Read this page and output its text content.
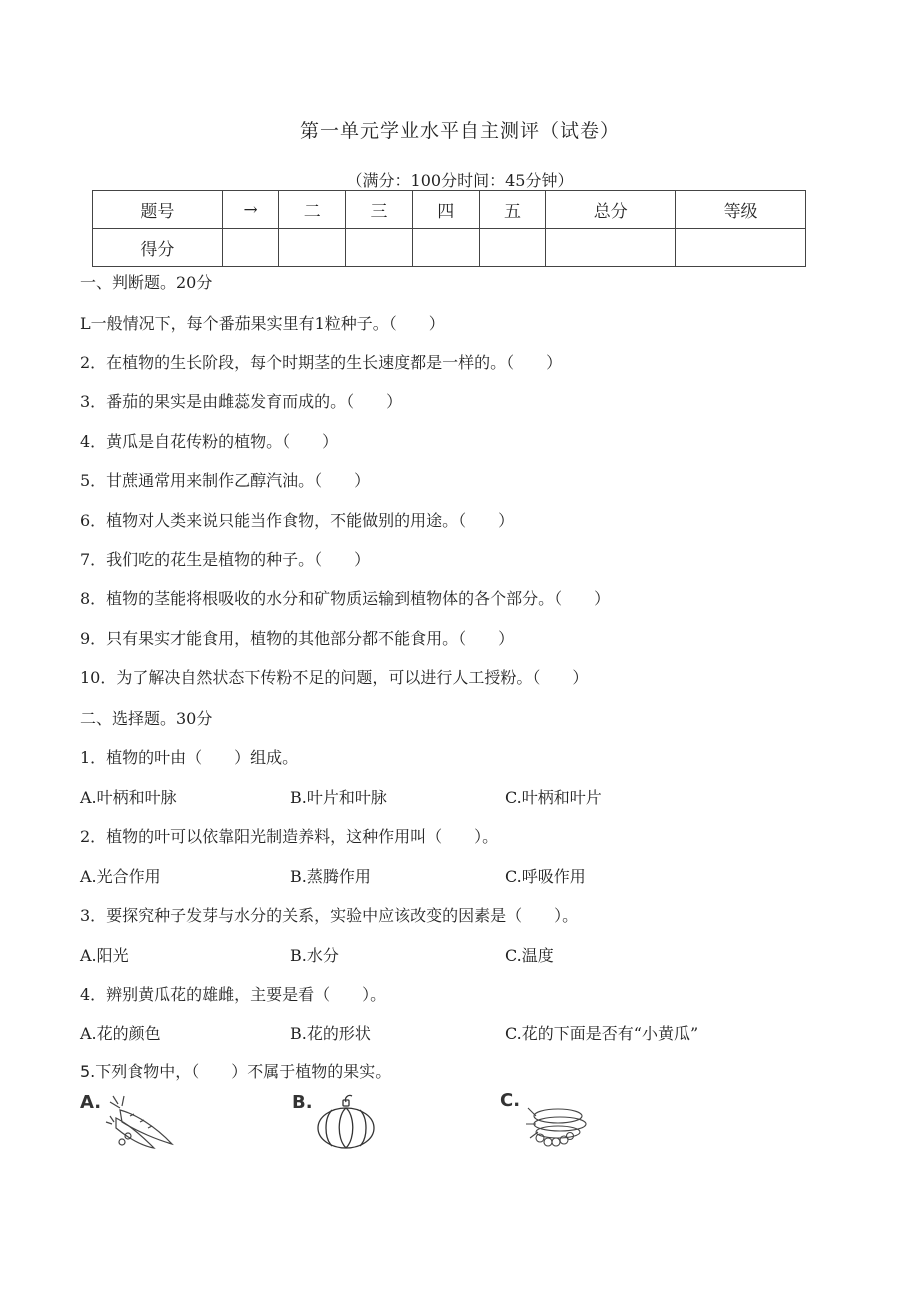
第一单元学业水平自主测评（试卷）
（满分：100分时间：45分钟）
题号	→	二	三	四	五	总分	等级
得分							
一、判断题。20分
L一般情况下，每个番茄果实里有1粒种子。（　　）
2．在植物的生长阶段，每个时期茎的生长速度都是一样的。（　　）
3．番茄的果实是由雌蕊发育而成的。（　　）
4．黄瓜是自花传粉的植物。（　　）
5．甘蔗通常用来制作乙醇汽油。（　　）
6．植物对人类来说只能当作食物，不能做别的用途。（　　）
7．我们吃的花生是植物的种子。（　　）
8．植物的茎能将根吸收的水分和矿物质运输到植物体的各个部分。（　　）
9．只有果实才能食用，植物的其他部分都不能食用。（　　）
10．为了解决自然状态下传粉不足的问题，可以进行人工授粉。（　　）
二、选择题。30分
1．植物的叶由（　　）组成。
A.叶柄和叶脉	B.叶片和叶脉	C.叶柄和叶片
2．植物的叶可以依靠阳光制造养料，这种作用叫（　　）。
A.光合作用	B.蒸腾作用	C.呼吸作用
3．要探究种子发芽与水分的关系，实验中应该改变的因素是（　　）。
A.阳光	B.水分	C.温度
4．辨别黄瓜花的雄雌，主要是看（　　）。
A.花的颜色	B.花的形状	C.花的下面是否有“小黄瓜”
5.下列食物中，（　　）不属于植物的果实。
A.	B.	C.
